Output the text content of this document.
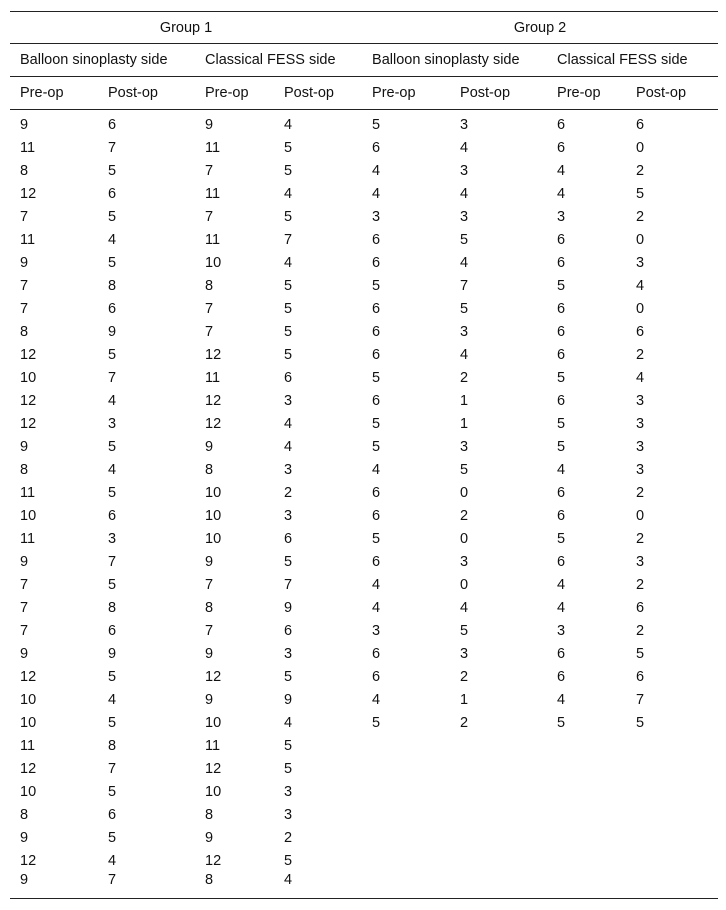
Group 1				Group 2			
Balloon sinoplasty side		Classical FESS side		Balloon sinoplasty side		Classical FESS side	
Pre-op	Post-op	Pre-op	Post-op	Pre-op	Post-op	Pre-op	Post-op
9	6	9	4	5	3	6	6
11	7	11	5	6	4	6	0
8	5	7	5	4	3	4	2
12	6	11	4	4	4	4	5
7	5	7	5	3	3	3	2
11	4	11	7	6	5	6	0
9	5	10	4	6	4	6	3
7	8	8	5	5	7	5	4
7	6	7	5	6	5	6	0
8	9	7	5	6	3	6	6
12	5	12	5	6	4	6	2
10	7	11	6	5	2	5	4
12	4	12	3	6	1	6	3
12	3	12	4	5	1	5	3
9	5	9	4	5	3	5	3
8	4	8	3	4	5	4	3
11	5	10	2	6	0	6	2
10	6	10	3	6	2	6	0
11	3	10	6	5	0	5	2
9	7	9	5	6	3	6	3
7	5	7	7	4	0	4	2
7	8	8	9	4	4	4	6
7	6	7	6	3	5	3	2
9	9	9	3	6	3	6	5
12	5	12	5	6	2	6	6
10	4	9	9	4	1	4	7
10	5	10	4	5	2	5	5
11	8	11	5				
12	7	12	5				
10	5	10	3				
8	6	8	3				
9	5	9	2				
12	4	12	5				
9	7	8	4				
